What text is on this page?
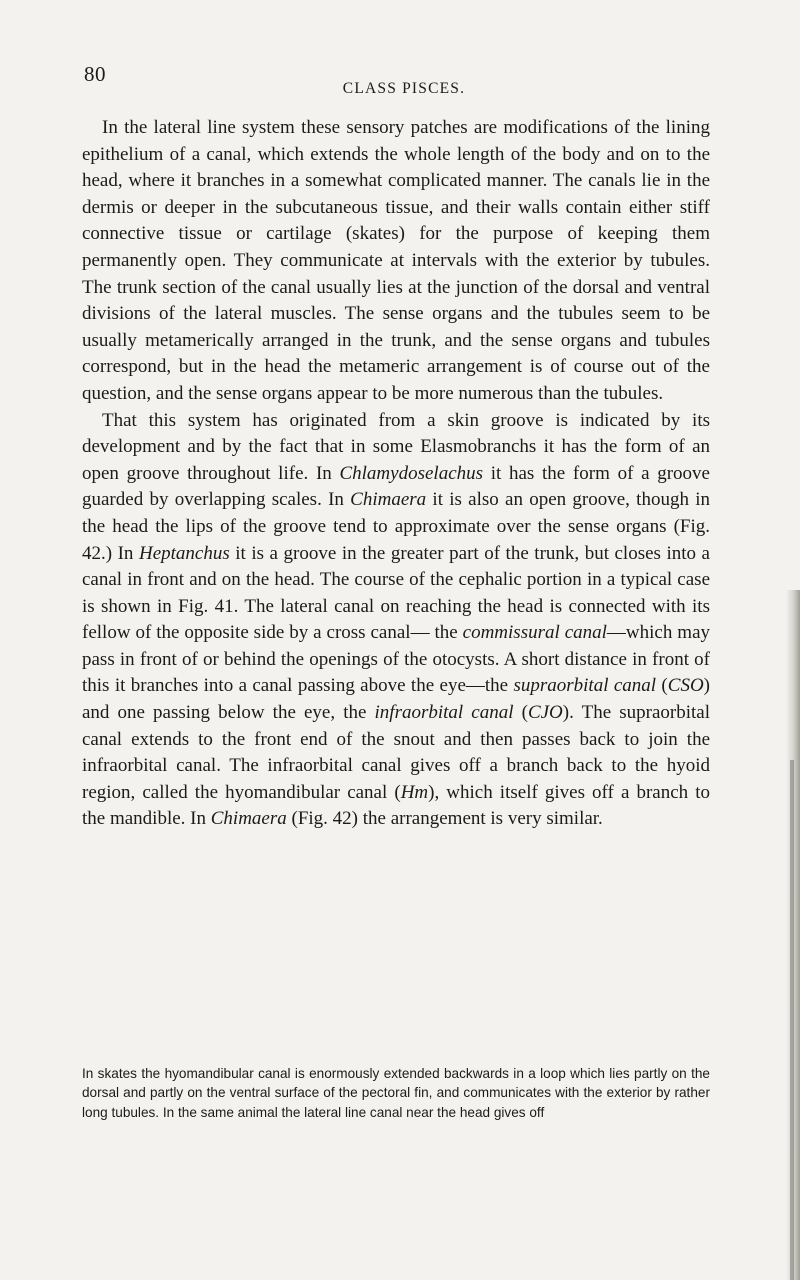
80
CLASS PISCES.

In the lateral line system these sensory patches are modifications of the lining epithelium of a canal, which extends the whole length of the body and on to the head, where it branches in a somewhat complicated manner. The canals lie in the dermis or deeper in the subcutaneous tissue, and their walls contain either stiff connective tissue or cartilage (skates) for the purpose of keeping them permanently open. They communicate at intervals with the exterior by tubules. The trunk section of the canal usually lies at the junction of the dorsal and ventral divisions of the lateral muscles. The sense organs and the tubules seem to be usually metamerically arranged in the trunk, and the sense organs and tubules correspond, but in the head the metameric arrangement is of course out of the question, and the sense organs appear to be more numerous than the tubules.

That this system has originated from a skin groove is indicated by its development and by the fact that in some Elasmobranchs it has the form of an open groove throughout life. In Chlamydoselachus it has the form of a groove guarded by overlapping scales. In Chimaera it is also an open groove, though in the head the lips of the groove tend to approximate over the sense organs (Fig. 42.) In Heptanchus it is a groove in the greater part of the trunk, but closes into a canal in front and on the head. The course of the cephalic portion in a typical case is shown in Fig. 41. The lateral canal on reaching the head is connected with its fellow of the opposite side by a cross canal— the commissural canal—which may pass in front of or behind the openings of the otocysts. A short distance in front of this it branches into a canal passing above the eye—the supraorbital canal (CSO) and one passing below the eye, the infraorbital canal (CJO). The supraorbital canal extends to the front end of the snout and then passes back to join the infraorbital canal. The infraorbital canal gives off a branch back to the hyoid region, called the hyomandibular canal (Hm), which itself gives off a branch to the mandible. In Chimaera (Fig. 42) the arrangement is very similar.

In skates the hyomandibular canal is enormously extended backwards in a loop which lies partly on the dorsal and partly on the ventral surface of the pectoral fin, and communicates with the exterior by rather long tubules. In the same animal the lateral line canal near the head gives off
